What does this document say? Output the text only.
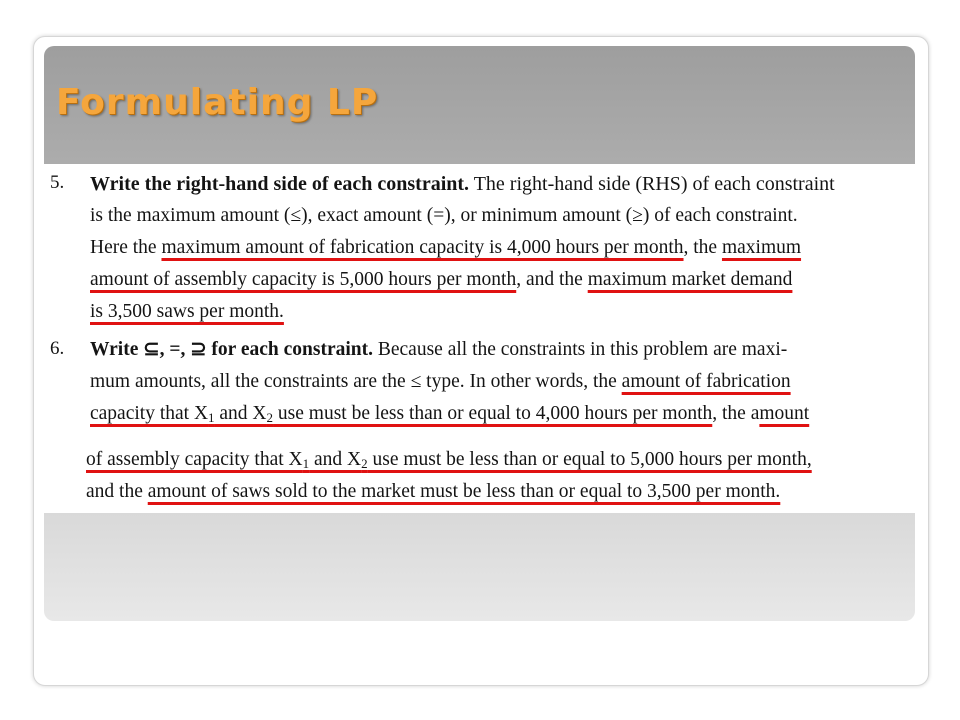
Formulating LP
5. Write the right-hand side of each constraint. The right-hand side (RHS) of each constraint
is the maximum amount (≤), exact amount (=), or minimum amount (≥) of each constraint.
Here the maximum amount of fabrication capacity is 4,000 hours per month, the maximum
amount of assembly capacity is 5,000 hours per month, and the maximum market demand
is 3,500 saws per month.
6. Write ⊆, =, ⊇ for each constraint. Because all the constraints in this problem are maxi-
mum amounts, all the constraints are the ≤ type. In other words, the amount of fabrication
capacity that $X_1$ and $X_2$ use must be less than or equal to 4,000 hours per month, the amount
of assembly capacity that $X_1$ and $X_2$ use must be less than or equal to 5,000 hours per month,
and the amount of saws sold to the market must be less than or equal to 3,500 per month.
